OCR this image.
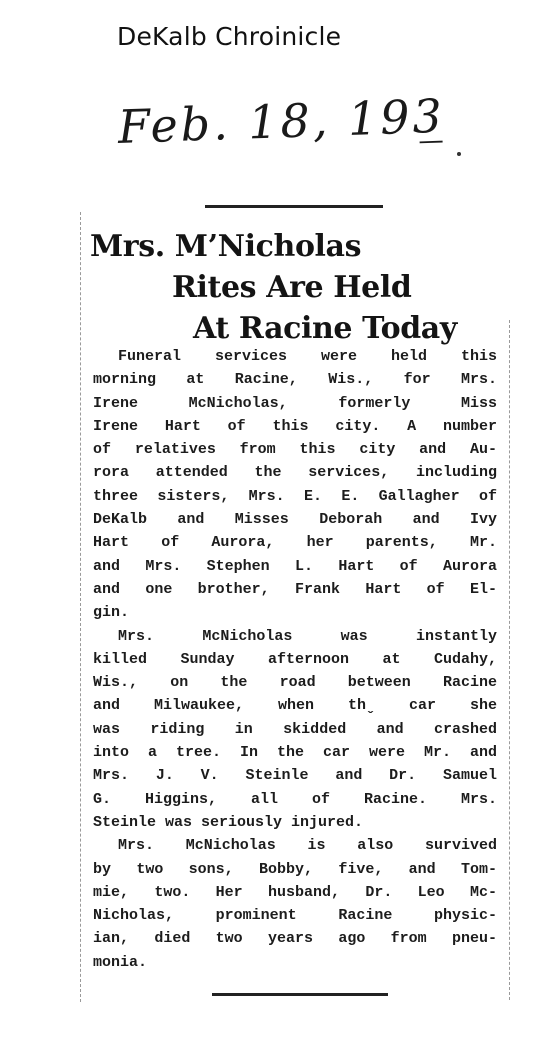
DeKalb Chroinicle
Feb. 18, 193̲
Mrs. M’Nicholas
Rites Are Held
At Racine Today
Funeral services were held this
morning at Racine, Wis., for Mrs.
Irene McNicholas, formerly Miss
Irene Hart of this city. A number
of relatives from this city and Au-
rora attended the services, including
three sisters, Mrs. E. E. Gallagher of
DeKalb and Misses Deborah and Ivy
Hart of Aurora, her parents, Mr.
and Mrs. Stephen L. Hart of Aurora
and one brother, Frank Hart of El-
gin.
Mrs. McNicholas was instantly
killed Sunday afternoon at Cudahy,
Wis., on the road between Racine
and Milwaukee, when thˬ car she
was riding in skidded and crashed
into a tree. In the car were Mr. and
Mrs. J. V. Steinle and Dr. Samuel
G. Higgins, all of Racine. Mrs.
Steinle was seriously injured.
Mrs. McNicholas is also survived
by two sons, Bobby, five, and Tom-
mie, two. Her husband, Dr. Leo Mc-
Nicholas, prominent Racine physic-
ian, died two years ago from pneu-
monia.
